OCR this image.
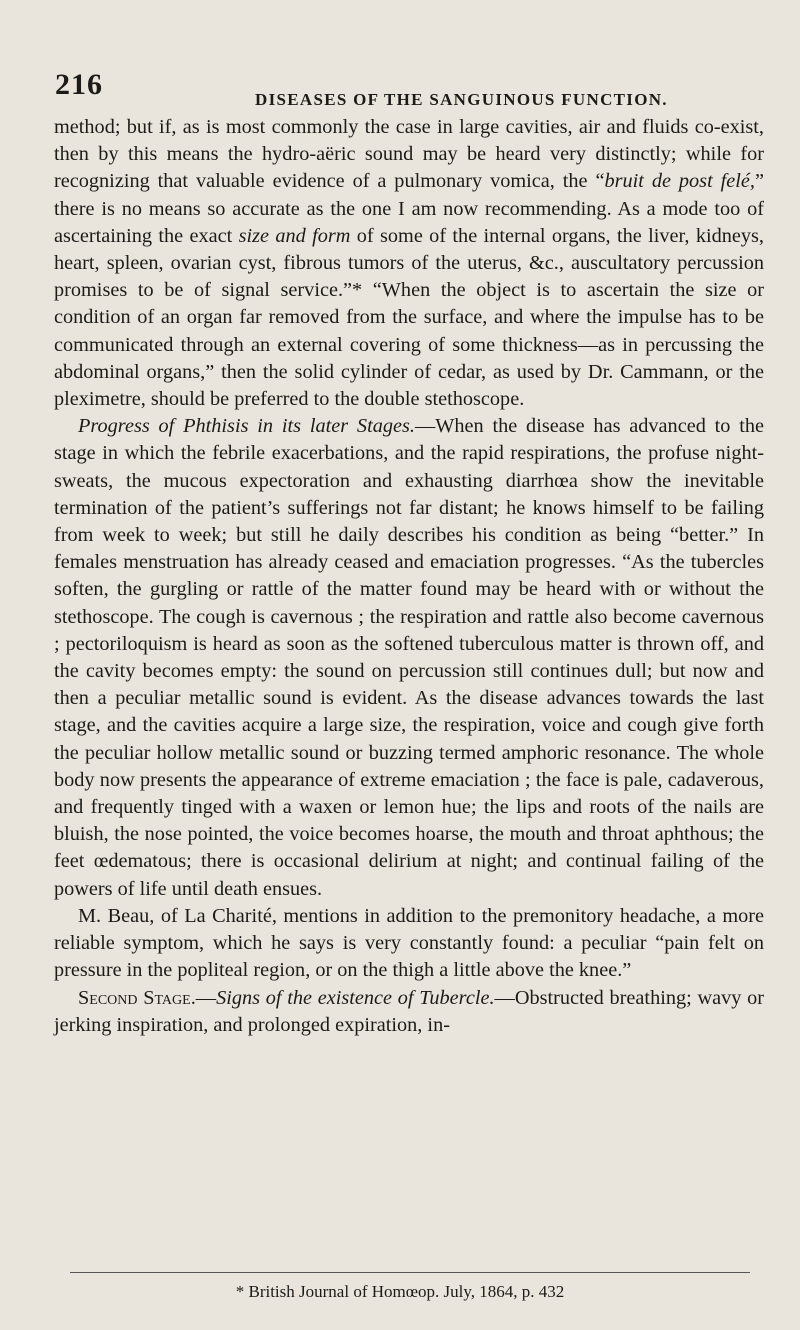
216	DISEASES OF THE SANGUINOUS FUNCTION.

method; but if, as is most commonly the case in large cavities, air and fluids co-exist, then by this means the hydro-aëric sound may be heard very distinctly; while for recognizing that valuable evidence of a pulmonary vomica, the “bruit de post felé,” there is no means so accurate as the one I am now recommending. As a mode too of ascertaining the exact size and form of some of the internal organs, the liver, kidneys, heart, spleen, ovarian cyst, fibrous tumors of the uterus, &c., auscultatory percussion promises to be of signal service.”* “When the object is to ascertain the size or condition of an organ far removed from the surface, and where the impulse has to be communicated through an external covering of some thickness—as in percussing the abdominal organs,” then the solid cylinder of cedar, as used by Dr. Cammann, or the pleximetre, should be preferred to the double stethoscope.

Progress of Phthisis in its later Stages.—When the disease has advanced to the stage in which the febrile exacerbations, and the rapid respirations, the profuse night-sweats, the mucous expectoration and exhausting diarrhœa show the inevitable termination of the patient’s sufferings not far distant; he knows himself to be failing from week to week; but still he daily describes his condition as being “better.” In females menstruation has already ceased and emaciation progresses. “As the tubercles soften, the gurgling or rattle of the matter found may be heard with or without the stethoscope. The cough is cavernous ; the respiration and rattle also become cavernous ; pectoriloquism is heard as soon as the softened tuberculous matter is thrown off, and the cavity becomes empty: the sound on percussion still continues dull; but now and then a peculiar metallic sound is evident. As the disease advances towards the last stage, and the cavities acquire a large size, the respiration, voice and cough give forth the peculiar hollow metallic sound or buzzing termed amphoric resonance. The whole body now presents the appearance of extreme emaciation ; the face is pale, cadaverous, and frequently tinged with a waxen or lemon hue; the lips and roots of the nails are bluish, the nose pointed, the voice becomes hoarse, the mouth and throat aphthous; the feet œdematous; there is occasional delirium at night; and continual failing of the powers of life until death ensues.

M. Beau, of La Charité, mentions in addition to the premonitory headache, a more reliable symptom, which he says is very constantly found: a peculiar “pain felt on pressure in the popliteal region, or on the thigh a little above the knee.”

Second Stage.—Signs of the existence of Tubercle.—Obstructed breathing; wavy or jerking inspiration, and prolonged expiration, in-

* British Journal of Homœop. July, 1864, p. 432
